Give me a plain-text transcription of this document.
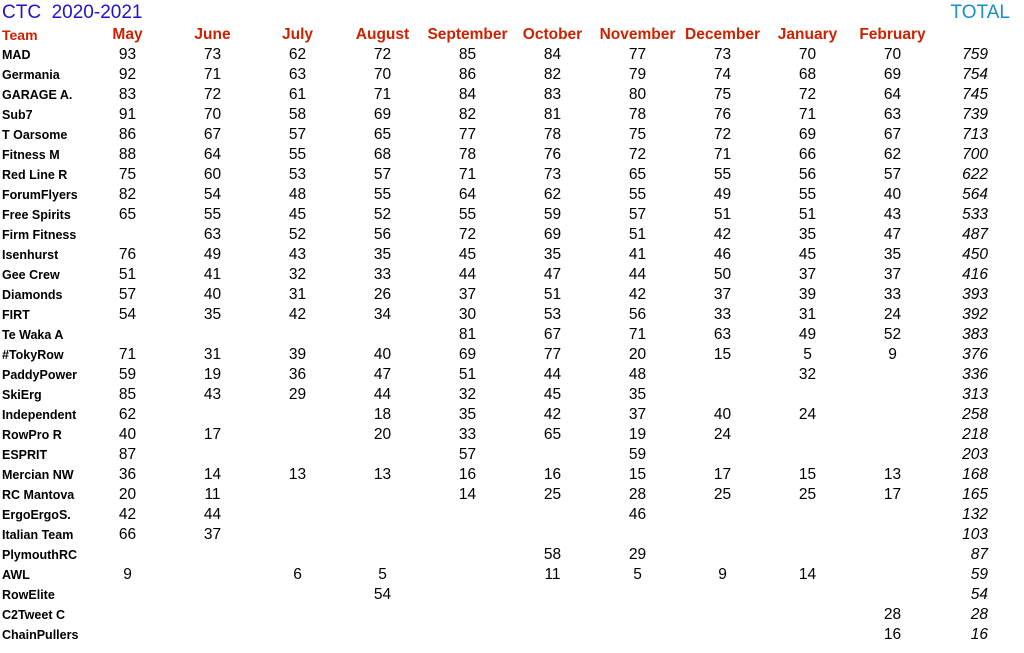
CTC  2020-2021	TOTAL
Team	May	June	July	August	September	October	November	December	January	February	
MAD	93	73	62	72	85	84	77	73	70	70	759
Germania	92	71	63	70	86	82	79	74	68	69	754
GARAGE A.	83	72	61	71	84	83	80	75	72	64	745
Sub7	91	70	58	69	82	81	78	76	71	63	739
T Oarsome	86	67	57	65	77	78	75	72	69	67	713
Fitness M	88	64	55	68	78	76	72	71	66	62	700
Red Line R	75	60	53	57	71	73	65	55	56	57	622
ForumFlyers	82	54	48	55	64	62	55	49	55	40	564
Free Spirits	65	55	45	52	55	59	57	51	51	43	533
Firm Fitness		63	52	56	72	69	51	42	35	47	487
Isenhurst	76	49	43	35	45	35	41	46	45	35	450
Gee Crew	51	41	32	33	44	47	44	50	37	37	416
Diamonds	57	40	31	26	37	51	42	37	39	33	393
FIRT	54	35	42	34	30	53	56	33	31	24	392
Te Waka A					81	67	71	63	49	52	383
#TokyRow	71	31	39	40	69	77	20	15	5	9	376
PaddyPower	59	19	36	47	51	44	48		32		336
SkiErg	85	43	29	44	32	45	35				313
Independent	62			18	35	42	37	40	24		258
RowPro R	40	17		20	33	65	19	24			218
ESPRIT	87				57		59				203
Mercian NW	36	14	13	13	16	16	15	17	15	13	168
RC Mantova	20	11			14	25	28	25	25	17	165
ErgoErgoS.	42	44					46				132
Italian Team	66	37									103
PlymouthRC						58	29				87
AWL	9		6	5		11	5	9	14		59
RowElite				54							54
C2Tweet C										28	28
ChainPullers										16	16
